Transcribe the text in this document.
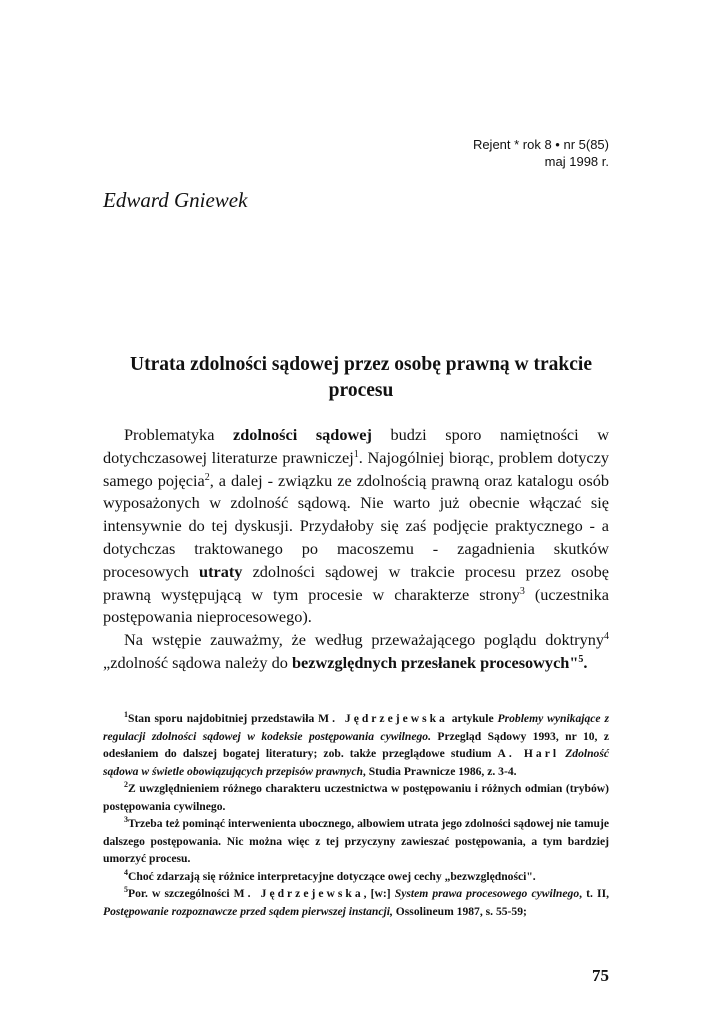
Rejent * rok 8 • nr 5(85)
maj 1998 r.
Edward Gniewek
Utrata zdolności sądowej przez osobę prawną w trakcie procesu

Problematyka zdolności sądowej budzi sporo namiętności w dotychczasowej literaturze prawniczej$^1$. Najogólniej biorąc, problem dotyczy samego pojęcia$^2$, a dalej - związku ze zdolnością prawną oraz katalogu osób wyposażonych w zdolność sądową. Nie warto już obecnie włączać się intensywnie do tej dyskusji. Przydałoby się zaś podjęcie praktycznego - a dotychczas traktowanego po macoszemu - zagadnienia skutków procesowych utraty zdolności sądowej w trakcie procesu przez osobę prawną występującą w tym procesie w charakterze strony$^3$ (uczestnika postępowania nieprocesowego).

Na wstępie zauważmy, że według przeważającego poglądu doktryny$^4$ „zdolność sądowa należy do bezwzględnych przesłanek procesowych"$^5$.

$^1$Stan sporu najdobitniej przedstawiła M. Jędrzejewska artykule Problemy wynikające z regulacji zdolności sądowej w kodeksie postępowania cywilnego. Przegląd Sądowy 1993, nr 10, z odesłaniem do dalszej bogatej literatury; zob. także przeglądowe studium A. Harl Zdolność sądowa w świetle obowiązujących przepisów prawnych, Studia Prawnicze 1986, z. 3-4.

$^2$Z uwzględnieniem różnego charakteru uczestnictwa w postępowaniu i różnych odmian (trybów) postępowania cywilnego.

$^3$Trzeba też pominąć interwenienta ubocznego, albowiem utrata jego zdolności sądowej nie tamuje dalszego postępowania. Nic można więc z tej przyczyny zawieszać postępowania, a tym bardziej umorzyć procesu.

$^4$Choć zdarzają się różnice interpretacyjne dotyczące owej cechy „bezwzględności".

$^5$Por. w szczególności M. Jędrzejewska, [w:] System prawa procesowego cywilnego, t. II, Postępowanie rozpoznawcze przed sądem pierwszej instancji, Ossolineum 1987, s. 55-59;

75
